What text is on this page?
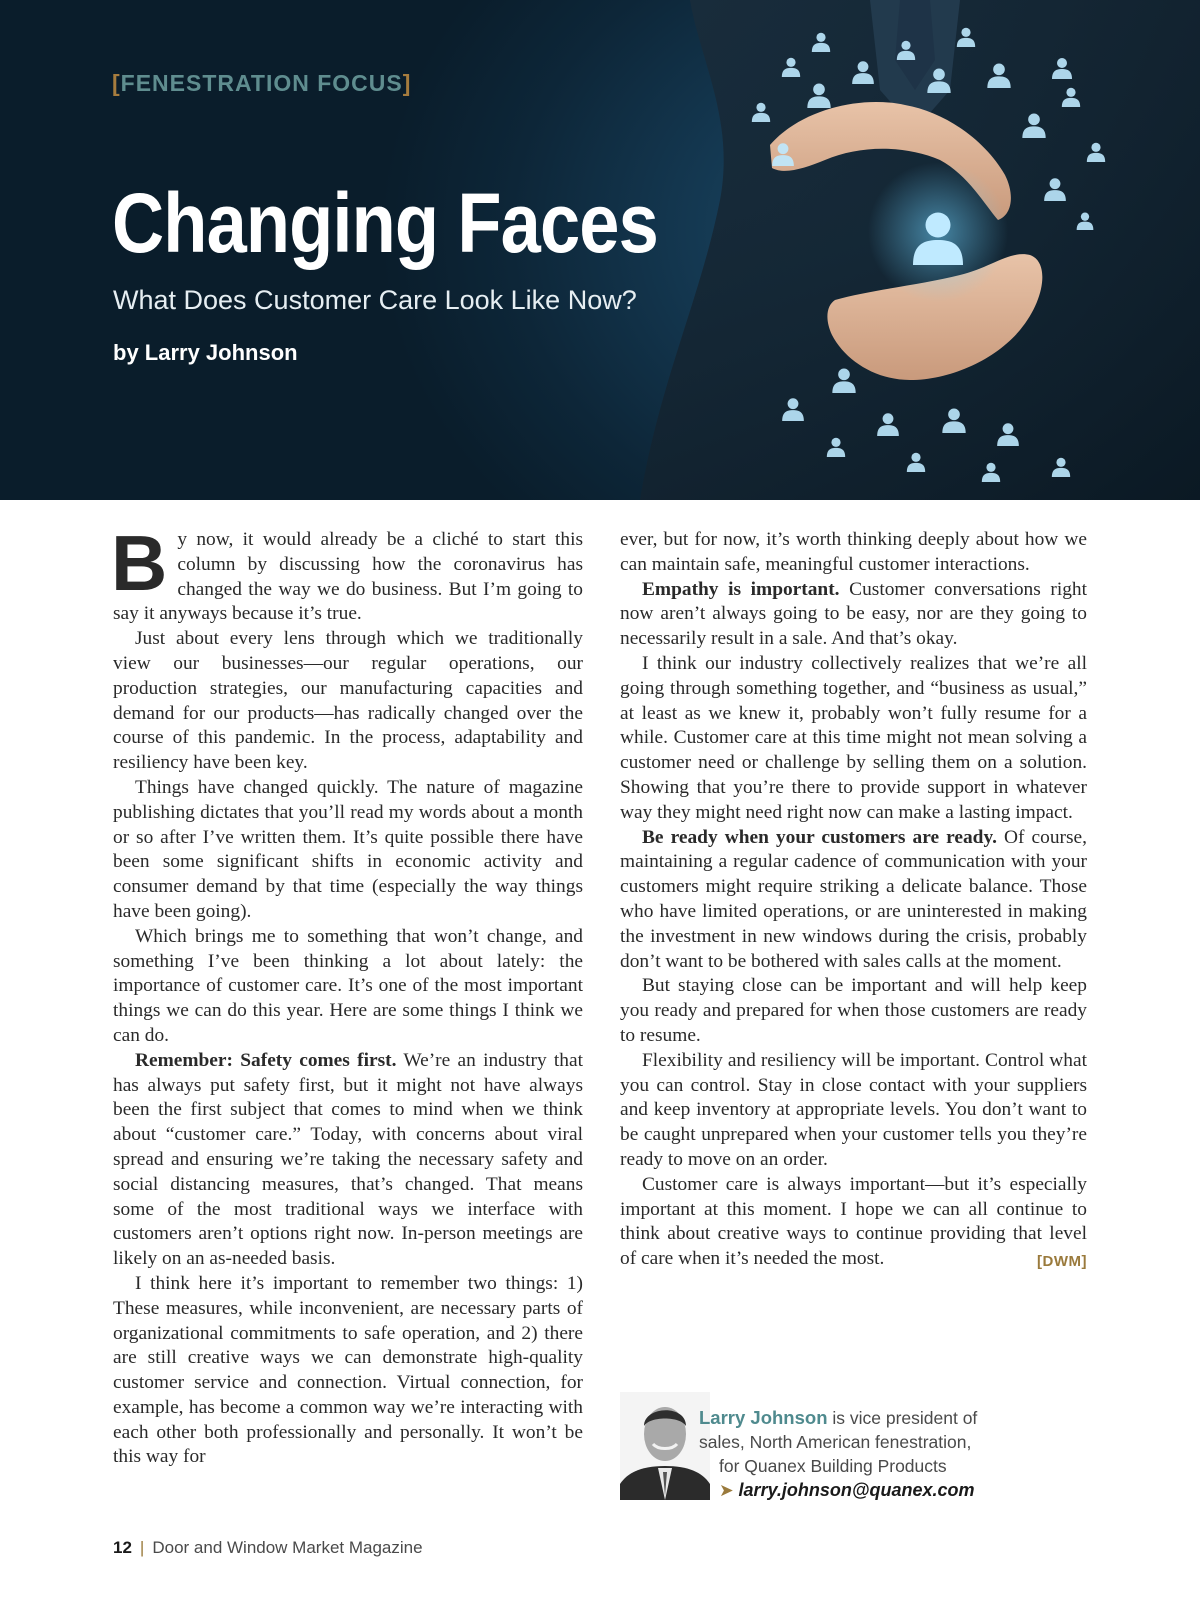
[FENESTRATION FOCUS]
Changing Faces
What Does Customer Care Look Like Now?
by Larry Johnson

By now, it would already be a cliché to start this column by discussing how the coronavirus has changed the way we do business. But I’m going to say it anyways because it’s true.

Just about every lens through which we traditionally view our businesses—our regular operations, our production strategies, our manufacturing capacities and demand for our products—has radically changed over the course of this pandemic. In the process, adaptability and resiliency have been key.

Things have changed quickly. The nature of magazine publishing dictates that you’ll read my words about a month or so after I’ve written them. It’s quite possible there have been some significant shifts in economic activity and consumer demand by that time (especially the way things have been going).

Which brings me to something that won’t change, and something I’ve been thinking a lot about lately: the importance of customer care. It’s one of the most important things we can do this year. Here are some things I think we can do.

Remember: Safety comes first. We’re an industry that has always put safety first, but it might not have always been the first subject that comes to mind when we think about “customer care.” Today, with concerns about viral spread and ensuring we’re taking the necessary safety and social distancing measures, that’s changed. That means some of the most traditional ways we interface with customers aren’t options right now. In-person meetings are likely on an as-needed basis.

I think here it’s important to remember two things: 1) These measures, while inconvenient, are necessary parts of organizational commitments to safe operation, and 2) there are still creative ways we can demonstrate high-quality customer service and connection. Virtual connection, for example, has become a common way we’re interacting with each other both professionally and personally. It won’t be this way for

ever, but for now, it’s worth thinking deeply about how we can maintain safe, meaningful customer interactions.

Empathy is important. Customer conversations right now aren’t always going to be easy, nor are they going to necessarily result in a sale. And that’s okay.

I think our industry collectively realizes that we’re all going through something together, and “business as usual,” at least as we knew it, probably won’t fully resume for a while. Customer care at this time might not mean solving a customer need or challenge by selling them on a solution. Showing that you’re there to provide support in whatever way they might need right now can make a lasting impact.

Be ready when your customers are ready. Of course, maintaining a regular cadence of communication with your customers might require striking a delicate balance. Those who have limited operations, or are uninterested in making the investment in new windows during the crisis, probably don’t want to be bothered with sales calls at the moment.

But staying close can be important and will help keep you ready and prepared for when those customers are ready to resume.

Flexibility and resiliency will be important. Control what you can control. Stay in close contact with your suppliers and keep inventory at appropriate levels. You don’t want to be caught unprepared when your customer tells you they’re ready to move on an order.

Customer care is always important—but it’s especially important at this moment. I hope we can all continue to think about creative ways to continue providing that level of care when it’s needed the most.	[DWM]

Larry Johnson is vice president of
sales, North American fenestration,
for Quanex Building Products
➤ larry.johnson@quanex.com
12 | Door and Window Market Magazine
